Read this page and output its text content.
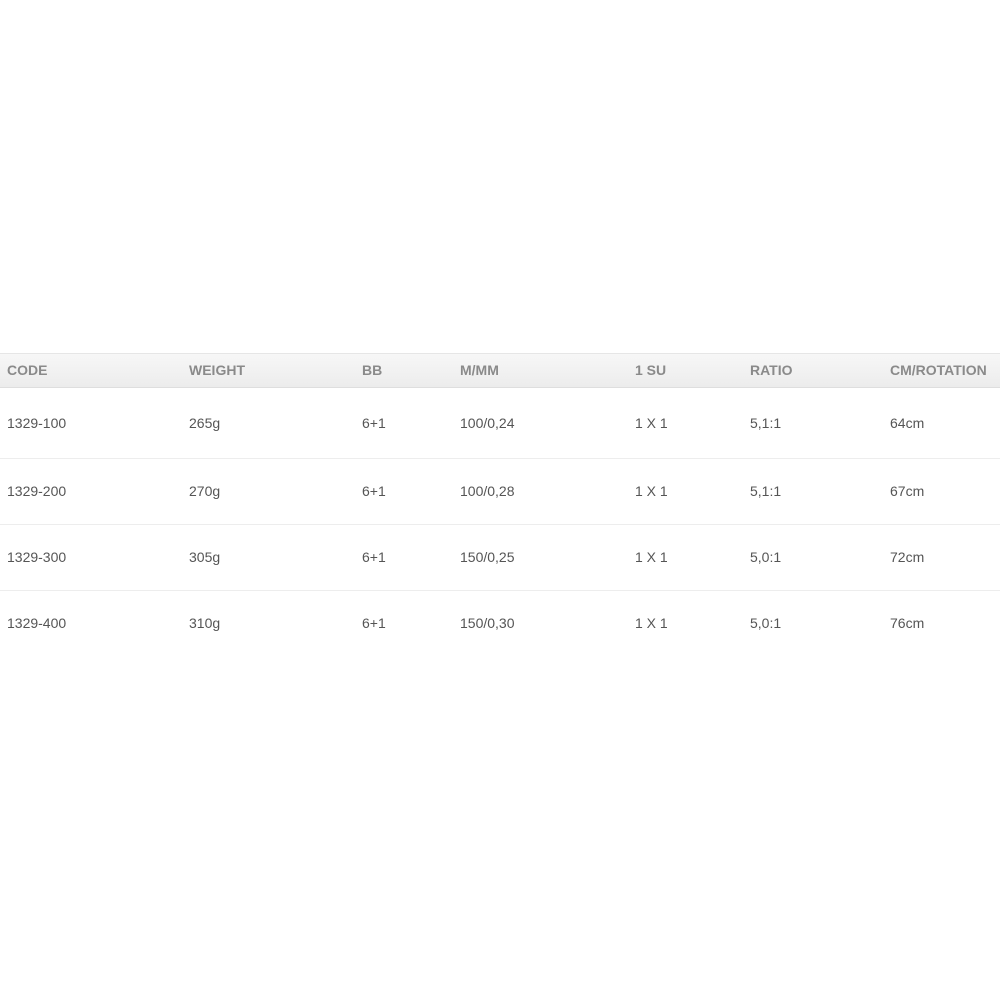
CODE	WEIGHT	BB	M/MM	1 SU	RATIO	CM/ROTATION
1329-100	265g	6+1	100/0,24	1 X 1	5,1:1	64cm
1329-200	270g	6+1	100/0,28	1 X 1	5,1:1	67cm
1329-300	305g	6+1	150/0,25	1 X 1	5,0:1	72cm
1329-400	310g	6+1	150/0,30	1 X 1	5,0:1	76cm
